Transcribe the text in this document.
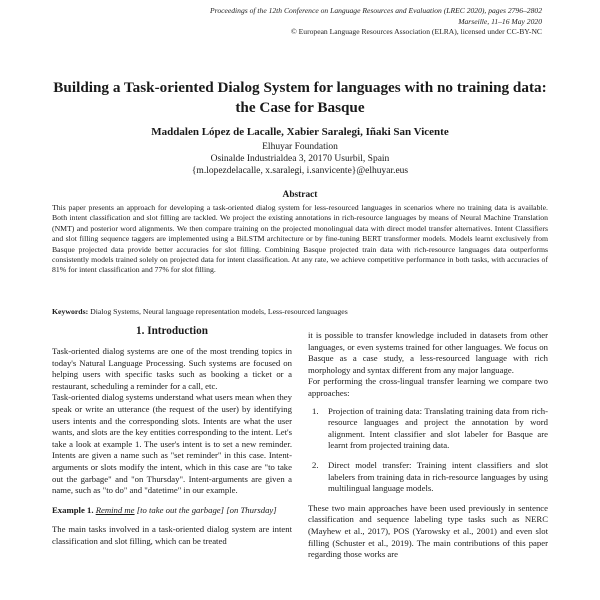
Proceedings of the 12th Conference on Language Resources and Evaluation (LREC 2020), pages 2796–2802
Marseille, 11–16 May 2020
© European Language Resources Association (ELRA), licensed under CC-BY-NC
Building a Task-oriented Dialog System for languages with no training data:
the Case for Basque
Maddalen López de Lacalle, Xabier Saralegi, Iñaki San Vicente
Elhuyar Foundation
Osinalde Industrialdea 3, 20170 Usurbil, Spain
{m.lopezdelacalle, x.saralegi, i.sanvicente}@elhuyar.eus
Abstract
This paper presents an approach for developing a task-oriented dialog system for less-resourced languages in scenarios where no training data is available. Both intent classification and slot filling are tackled. We project the existing annotations in rich-resource languages by means of Neural Machine Translation (NMT) and posterior word alignments. We then compare training on the projected monolingual data with direct model transfer alternatives. Intent Classifiers and slot filling sequence taggers are implemented using a BiLSTM architecture or by fine-tuning BERT transformer models. Models learnt exclusively from Basque projected data provide better accuracies for slot filling. Combining Basque projected train data with rich-resource languages data outperforms consistently models trained solely on projected data for intent classification. At any rate, we achieve competitive performance in both tasks, with accuracies of 81% for intent classification and 77% for slot filling.
Keywords: Dialog Systems, Neural language representation models, Less-resourced languages
1. Introduction

Task-oriented dialog systems are one of the most trending topics in today's Natural Language Processing. Such systems are focused on helping users with specific tasks such as booking a ticket or a restaurant, scheduling a reminder for a call, etc.

Task-oriented dialog systems understand what users mean when they speak or write an utterance (the request of the user) by identifying users intents and the corresponding slots. Intents are what the user wants, and slots are the key entities corresponding to the intent. Let's take a look at example 1. The user's intent is to set a new reminder. Intents are given a name such as "set reminder" in this case. Intent-arguments or slots modify the intent, which in this case are "to take out the garbage" and "on Thursday". Intent-arguments are given a name, such as "to do" and "datetime" in our example.

Example 1. Remind me [to take out the garbage] [on Thursday]

The main tasks involved in a task-oriented dialog system are intent classification and slot filling, which can be treated

it is possible to transfer knowledge included in datasets from other languages, or even systems trained for other languages. We focus on Basque as a case study, a less-resourced language with rich morphology and syntax different from any major language.

For performing the cross-lingual transfer learning we compare two approaches:

1. Projection of training data: Translating training data from rich-resource languages and project the annotation by word alignment. Intent classifier and slot labeler for Basque are learnt from projected training data.
2. Direct model transfer: Training intent classifiers and slot labelers from training data in rich-resource languages by using multilingual language models.

These two main approaches have been used previously in sentence classification and sequence labeling type tasks such as NERC (Mayhew et al., 2017), POS (Yarowsky et al., 2001) and even slot filling (Schuster et al., 2019). The main contributions of this paper regarding those works are
